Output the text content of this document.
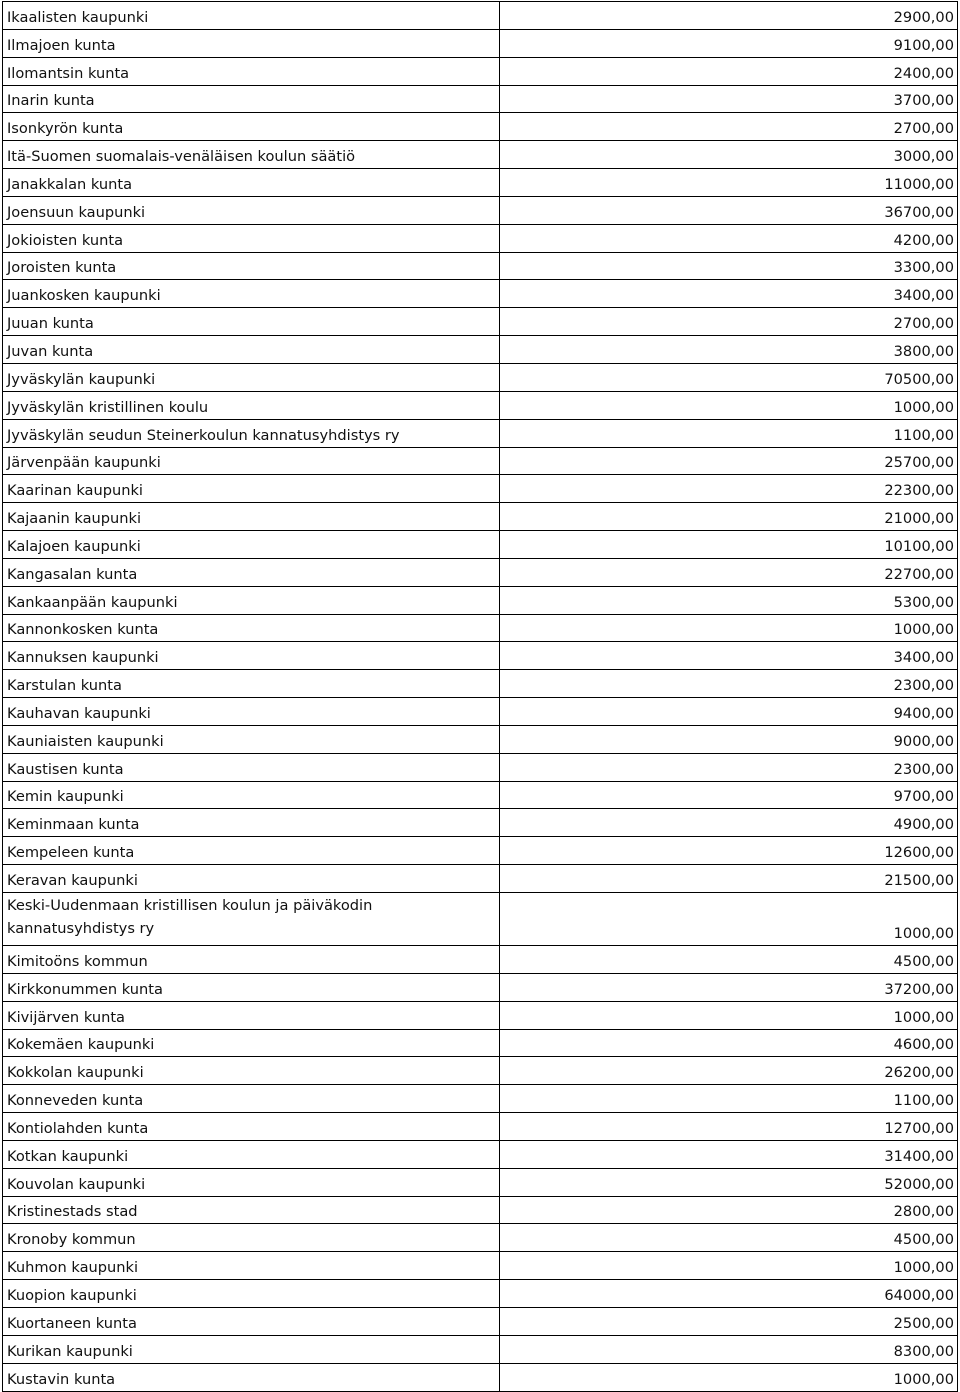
Ikaalisten kaupunki	2900,00
Ilmajoen kunta	9100,00
Ilomantsin kunta	2400,00
Inarin kunta	3700,00
Isonkyrön kunta	2700,00
Itä-Suomen suomalais-venäläisen koulun säätiö	3000,00
Janakkalan kunta	11000,00
Joensuun kaupunki	36700,00
Jokioisten kunta	4200,00
Joroisten kunta	3300,00
Juankosken kaupunki	3400,00
Juuan kunta	2700,00
Juvan kunta	3800,00
Jyväskylän kaupunki	70500,00
Jyväskylän kristillinen koulu	1000,00
Jyväskylän seudun Steinerkoulun kannatusyhdistys ry	1100,00
Järvenpään kaupunki	25700,00
Kaarinan kaupunki	22300,00
Kajaanin kaupunki	21000,00
Kalajoen kaupunki	10100,00
Kangasalan kunta	22700,00
Kankaanpään kaupunki	5300,00
Kannonkosken kunta	1000,00
Kannuksen kaupunki	3400,00
Karstulan kunta	2300,00
Kauhavan kaupunki	9400,00
Kauniaisten kaupunki	9000,00
Kaustisen kunta	2300,00
Kemin kaupunki	9700,00
Keminmaan kunta	4900,00
Kempeleen kunta	12600,00
Keravan kaupunki	21500,00
Keski-Uudenmaan kristillisen koulun ja päiväkodin kannatusyhdistys ry	1000,00
Kimitoöns kommun	4500,00
Kirkkonummen kunta	37200,00
Kivijärven kunta	1000,00
Kokemäen kaupunki	4600,00
Kokkolan kaupunki	26200,00
Konneveden kunta	1100,00
Kontiolahden kunta	12700,00
Kotkan kaupunki	31400,00
Kouvolan kaupunki	52000,00
Kristinestads stad	2800,00
Kronoby kommun	4500,00
Kuhmon kaupunki	1000,00
Kuopion kaupunki	64000,00
Kuortaneen kunta	2500,00
Kurikan kaupunki	8300,00
Kustavin kunta	1000,00
